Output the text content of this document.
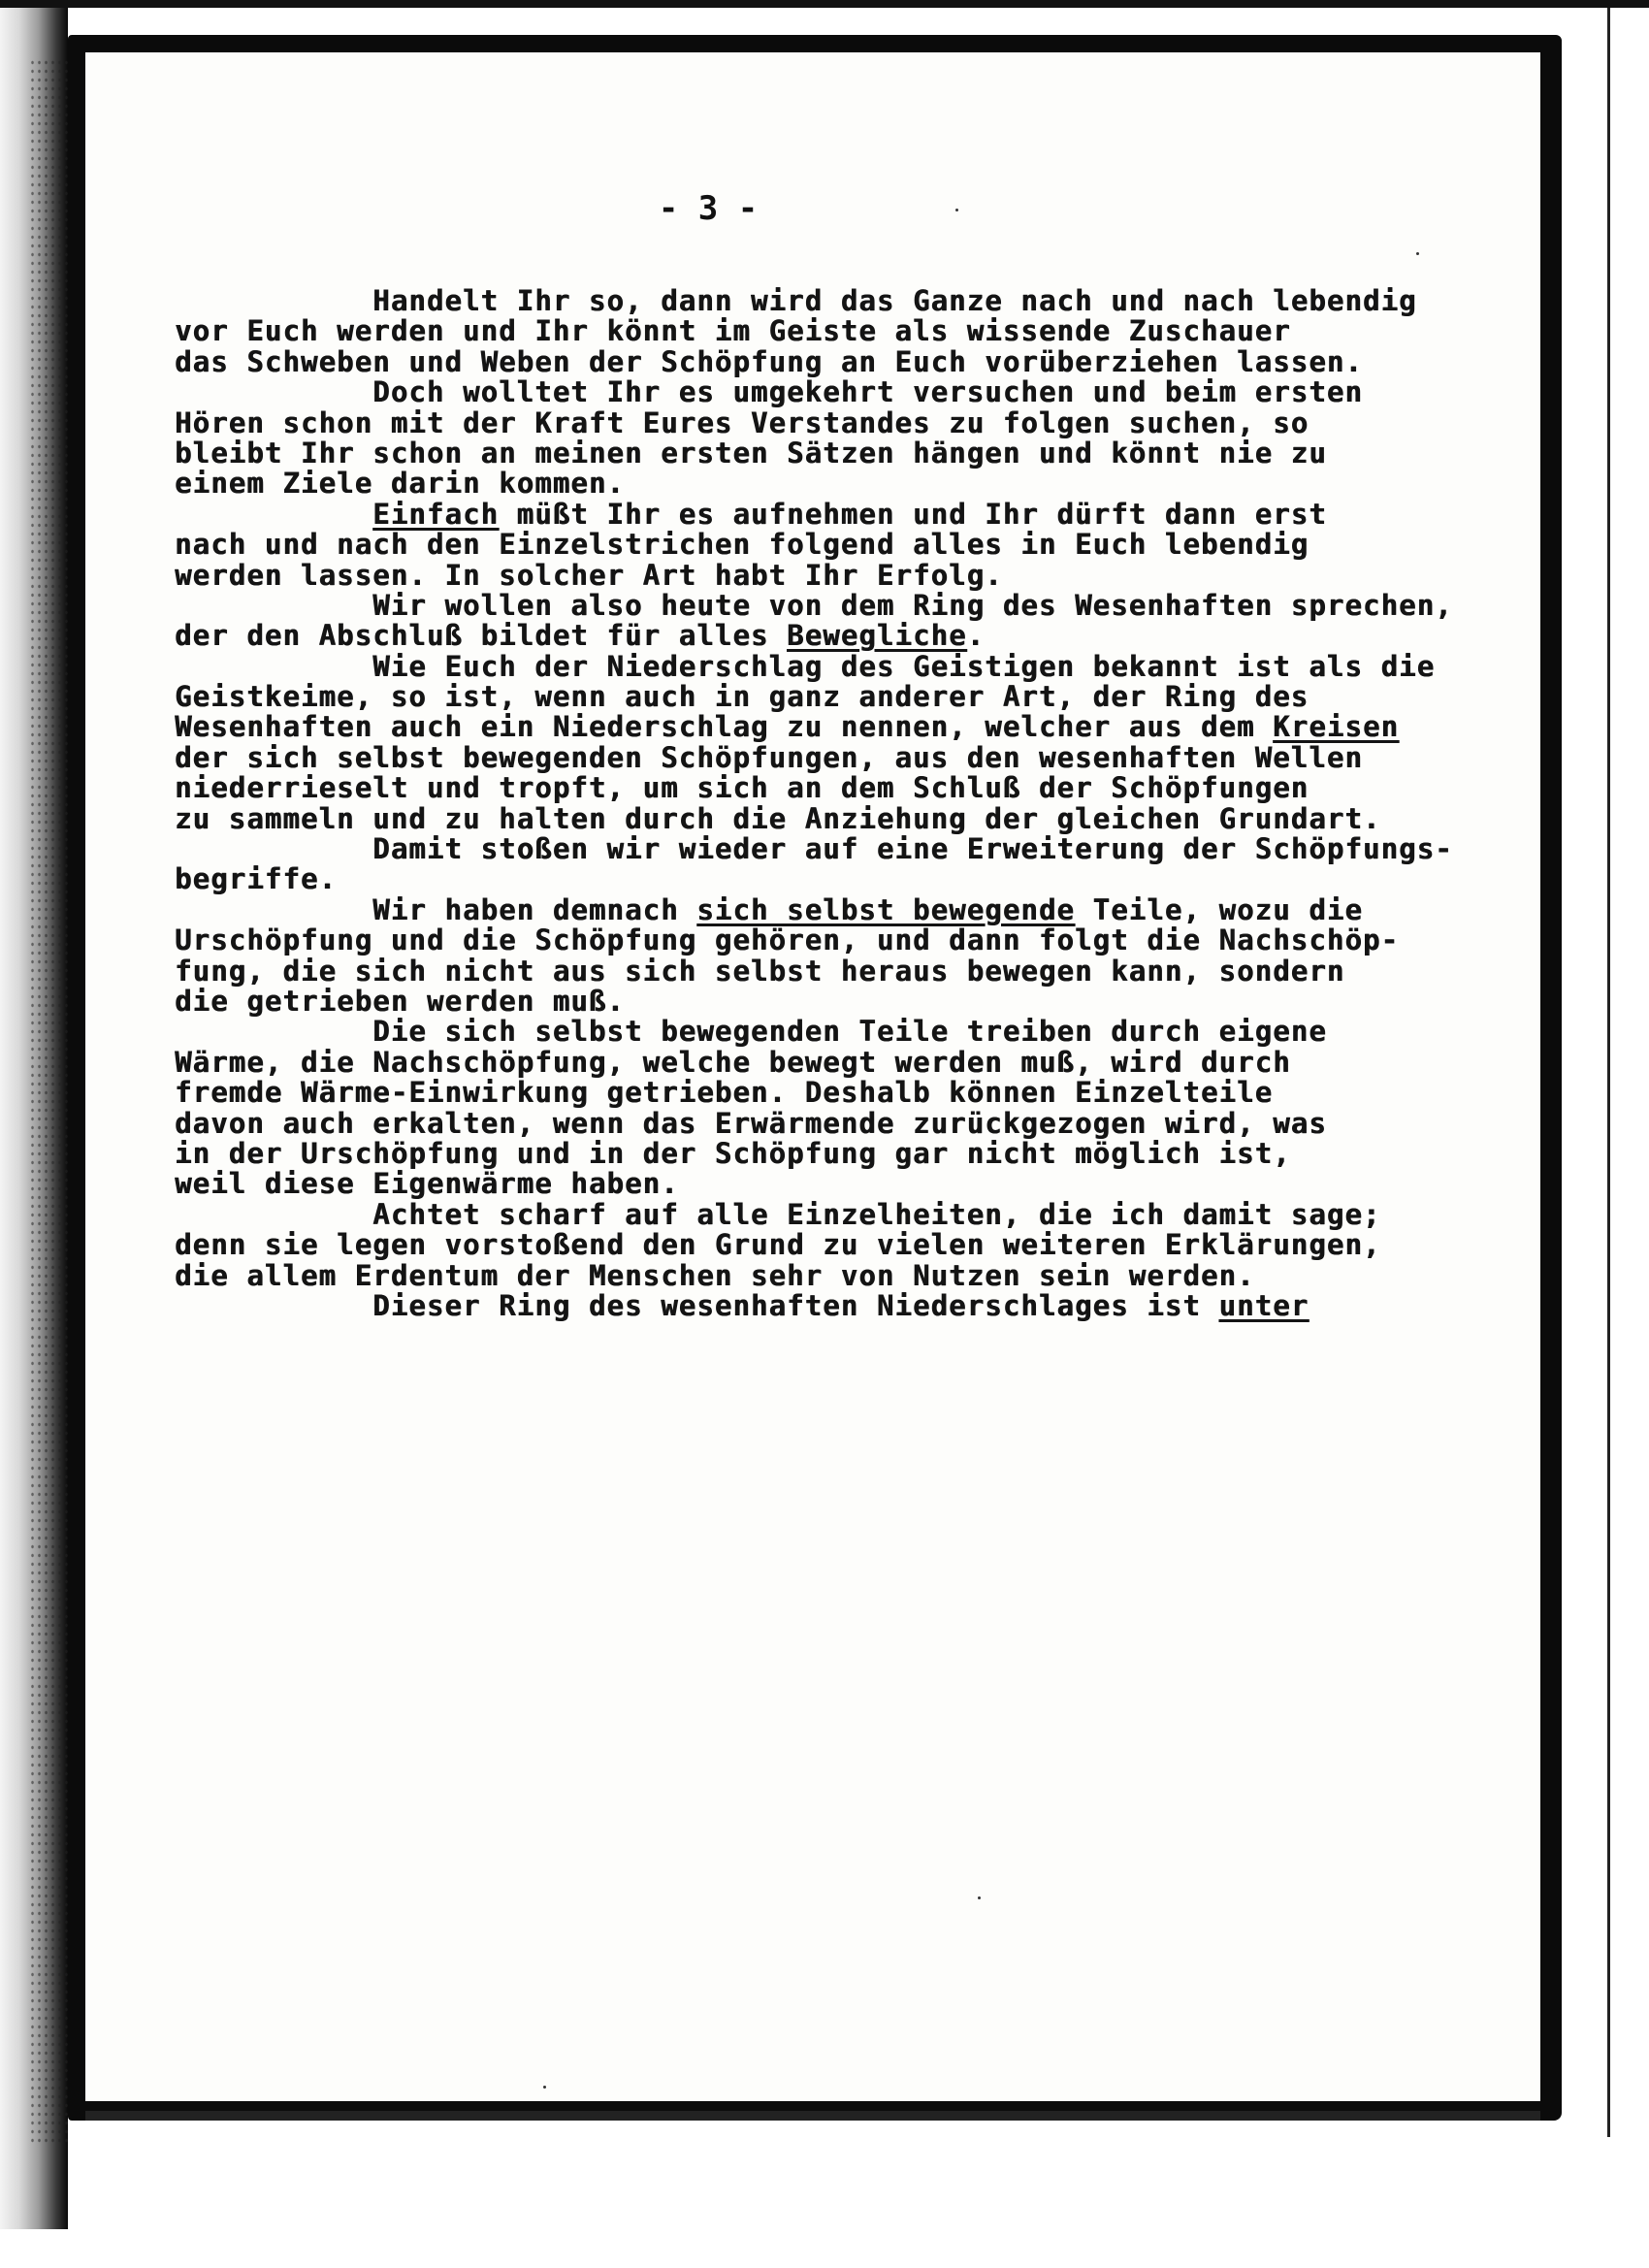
- 3 -
Handelt Ihr so, dann wird das Ganze nach und nach lebendig
vor Euch werden und Ihr könnt im Geiste als wissende Zuschauer
das Schweben und Weben der Schöpfung an Euch vorüberziehen lassen.
Doch wolltet Ihr es umgekehrt versuchen und beim ersten
Hören schon mit der Kraft Eures Verstandes zu folgen suchen, so
bleibt Ihr schon an meinen ersten Sätzen hängen und könnt nie zu
einem Ziele darin kommen.
Einfach müßt Ihr es aufnehmen und Ihr dürft dann erst
nach und nach den Einzelstrichen folgend alles in Euch lebendig
werden lassen. In solcher Art habt Ihr Erfolg.
Wir wollen also heute von dem Ring des Wesenhaften sprechen,
der den Abschluß bildet für alles Bewegliche.
Wie Euch der Niederschlag des Geistigen bekannt ist als die
Geistkeime, so ist, wenn auch in ganz anderer Art, der Ring des
Wesenhaften auch ein Niederschlag zu nennen, welcher aus dem Kreisen
der sich selbst bewegenden Schöpfungen, aus den wesenhaften Wellen
niederrieselt und tropft, um sich an dem Schluß der Schöpfungen
zu sammeln und zu halten durch die Anziehung der gleichen Grundart.
Damit stoßen wir wieder auf eine Erweiterung der Schöpfungs-
begriffe.
Wir haben demnach sich selbst bewegende Teile, wozu die
Urschöpfung und die Schöpfung gehören, und dann folgt die Nachschöp-
fung, die sich nicht aus sich selbst heraus bewegen kann, sondern
die getrieben werden muß.
Die sich selbst bewegenden Teile treiben durch eigene
Wärme, die Nachschöpfung, welche bewegt werden muß, wird durch
fremde Wärme-Einwirkung getrieben. Deshalb können Einzelteile
davon auch erkalten, wenn das Erwärmende zurückgezogen wird, was
in der Urschöpfung und in der Schöpfung gar nicht möglich ist,
weil diese Eigenwärme haben.
Achtet scharf auf alle Einzelheiten, die ich damit sage;
denn sie legen vorstoßend den Grund zu vielen weiteren Erklärungen,
die allem Erdentum der Menschen sehr von Nutzen sein werden.
Dieser Ring des wesenhaften Niederschlages ist unter
